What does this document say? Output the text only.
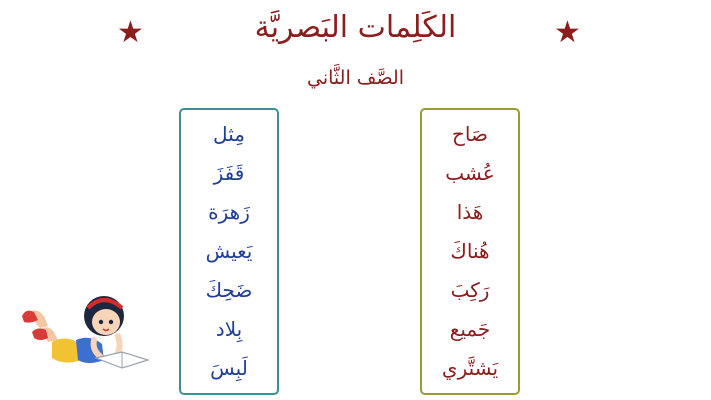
★	★
الكَلِمات البَصريَّة
الصَّف الثَّاني
مِثل
قَفَزَ
زَهرَة
يَعيش
ضَحِكَ
بِلاد
لَبِسَ
صَاح
عُشب
هَذا
هُناكَ
رَكِبَ
جَميع
يَشتَّري
